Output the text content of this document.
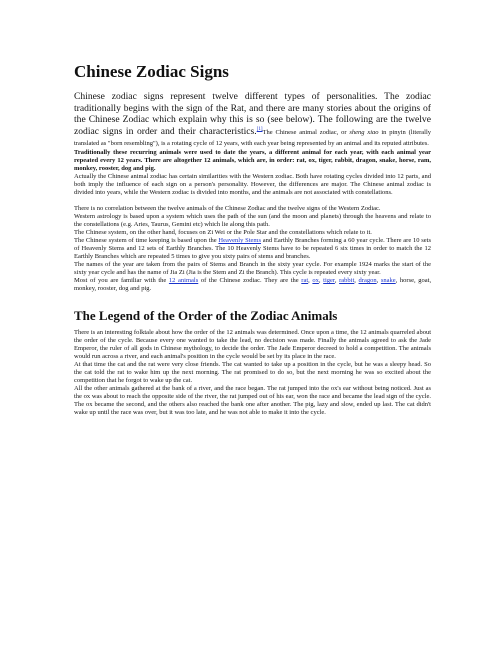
Chinese Zodiac Signs

Chinese zodiac signs represent twelve different types of personalities. The zodiac traditionally begins with the sign of the Rat, and there are many stories about the origins of the Chinese Zodiac which explain why this is so (see below). The following are the twelve zodiac signs in order and their characteristics.[1]The Chinese animal zodiac, or sheng xiao in pinyin (literally translated as "born resembling"), is a rotating cycle of 12 years, with each year being represented by an animal and its reputed attributes.

Traditionally these recurring animals were used to date the years, a different animal for each year, with each animal year repeated every 12 years. There are altogether 12 animals, which are, in order: rat, ox, tiger, rabbit, dragon, snake, horse, ram, monkey, rooster, dog and pig.

Actually the Chinese animal zodiac has certain similarities with the Western zodiac. Both have rotating cycles divided into 12 parts, and both imply the influence of each sign on a person's personality. However, the differences are major. The Chinese animal zodiac is divided into years, while the Western zodiac is divided into months, and the animals are not associated with constellations.

There is no correlation between the twelve animals of the Chinese Zodiac and the twelve signs of the Western Zodiac.

Western astrology is based upon a system which uses the path of the sun (and the moon and planets) through the heavens and relate to the constellations (e.g. Aries, Taurus, Gemini etc) which lie along this path.

The Chinese system, on the other hand, focuses on Zi Wei or the Pole Star and the constellations which relate to it.

The Chinese system of time keeping is based upon the Heavenly Stems and Earthly Branches forming a 60 year cycle. There are 10 sets of Heavenly Stems and 12 sets of Earthly Branches. The 10 Heavenly Stems have to be repeated 6 six times in order to match the 12 Earthly Branches which are repeated 5 times to give you sixty pairs of stems and branches.

The names of the year are taken from the pairs of Stems and Branch in the sixty year cycle. For example 1924 marks the start of the sixty year cycle and has the name of Jia Zi (Jia is the Stem and Zi the Branch). This cycle is repeated every sixty year.

Most of you are familiar with the 12 animals of the Chinese zodiac. They are the rat, ox, tiger, rabbit, dragon, snake, horse, goat, monkey, rooster, dog and pig.

The Legend of the Order of the Zodiac Animals

There is an interesting folktale about how the order of the 12 animals was determined. Once upon a time, the 12 animals quarreled about the order of the cycle. Because every one wanted to take the lead, no decision was made. Finally the animals agreed to ask the Jade Emperor, the ruler of all gods in Chinese mythology, to decide the order. The Jade Emperor decreed to hold a competition. The animals would run across a river, and each animal's position in the cycle would be set by its place in the race.

At that time the cat and the rat were very close friends. The cat wanted to take up a position in the cycle, but he was a sleepy head. So the cat told the rat to wake him up the next morning. The rat promised to do so, but the next morning he was so excited about the competition that he forgot to wake up the cat.

All the other animals gathered at the bank of a river, and the race began. The rat jumped into the ox's ear without being noticed. Just as the ox was about to reach the opposite side of the river, the rat jumped out of his ear, won the race and became the lead sign of the cycle. The ox became the second, and the others also reached the bank one after another. The pig, lazy and slow, ended up last. The cat didn't wake up until the race was over, but it was too late, and he was not able to make it into the cycle.
